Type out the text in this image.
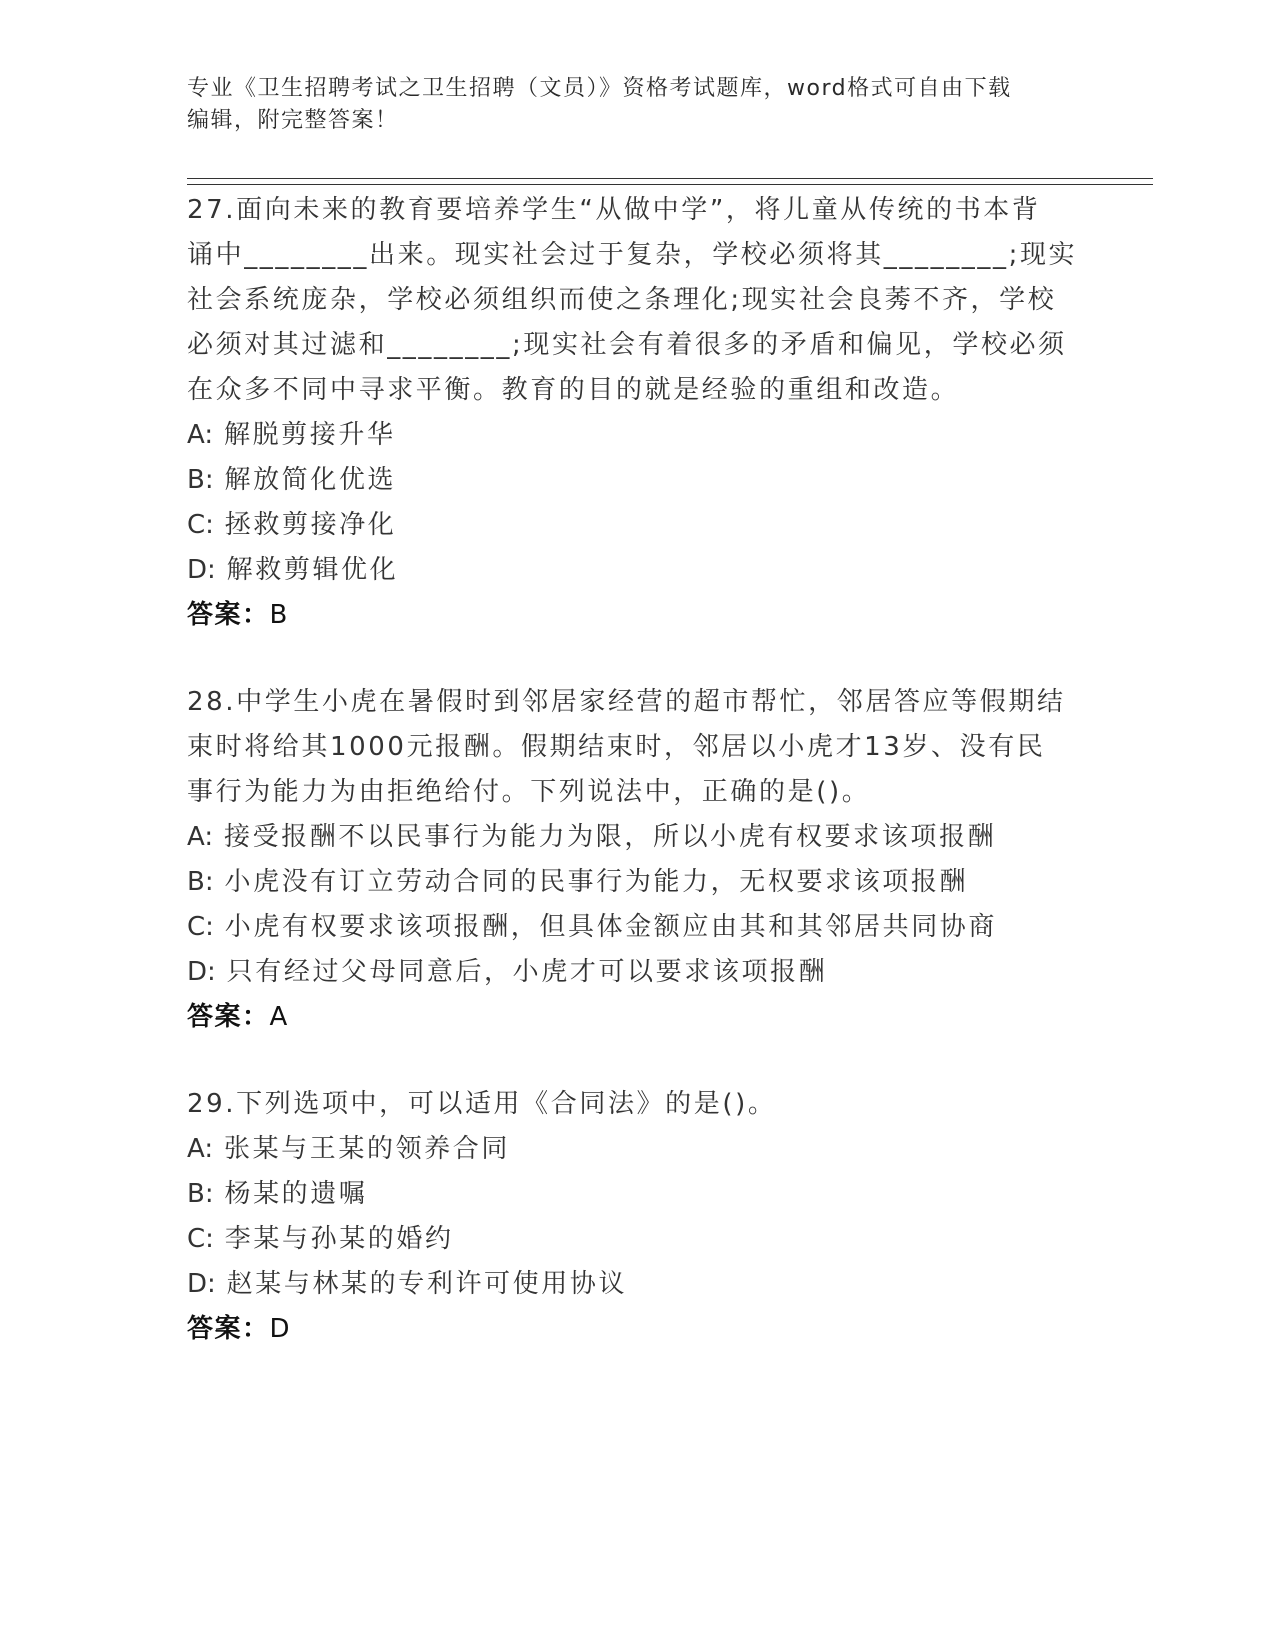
专业《卫生招聘考试之卫生招聘（文员）》资格考试题库，word格式可自由下载
编辑，附完整答案！

27.面向未来的教育要培养学生“从做中学”，将儿童从传统的书本背
诵中________出来。现实社会过于复杂，学校必须将其________;现实
社会系统庞杂，学校必须组织而使之条理化;现实社会良莠不齐，学校
必须对其过滤和________;现实社会有着很多的矛盾和偏见，学校必须
在众多不同中寻求平衡。教育的目的就是经验的重组和改造。

A: 解脱剪接升华

B: 解放简化优选

C: 拯救剪接净化

D: 解救剪辑优化

答案：B

28.中学生小虎在暑假时到邻居家经营的超市帮忙，邻居答应等假期结
束时将给其1000元报酬。假期结束时，邻居以小虎才13岁、没有民
事行为能力为由拒绝给付。下列说法中，正确的是()。

A: 接受报酬不以民事行为能力为限，所以小虎有权要求该项报酬

B: 小虎没有订立劳动合同的民事行为能力，无权要求该项报酬

C: 小虎有权要求该项报酬，但具体金额应由其和其邻居共同协商

D: 只有经过父母同意后，小虎才可以要求该项报酬

答案：A

29.下列选项中，可以适用《合同法》的是()。

A: 张某与王某的领养合同

B: 杨某的遗嘱

C: 李某与孙某的婚约

D: 赵某与林某的专利许可使用协议

答案：D
